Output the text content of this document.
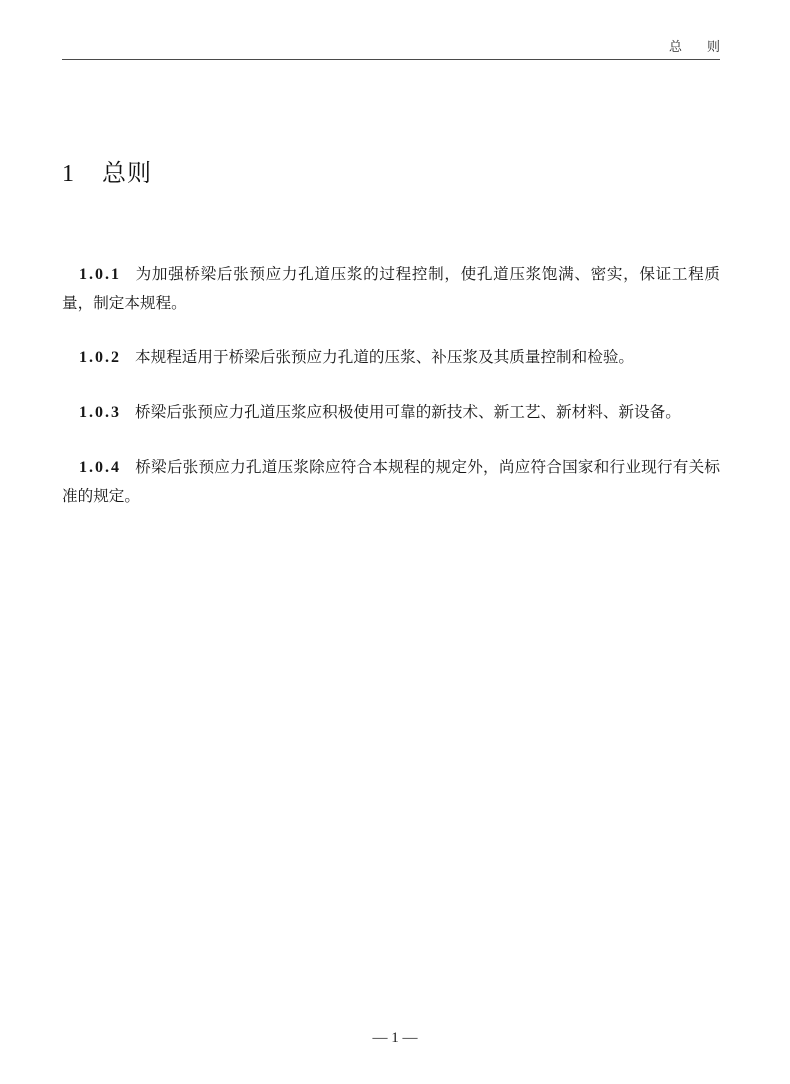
总则
1 总则

1.0.1 为加强桥梁后张预应力孔道压浆的过程控制，使孔道压浆饱满、密实，保证工程质量，制定本规程。

1.0.2 本规程适用于桥梁后张预应力孔道的压浆、补压浆及其质量控制和检验。

1.0.3 桥梁后张预应力孔道压浆应积极使用可靠的新技术、新工艺、新材料、新设备。

1.0.4 桥梁后张预应力孔道压浆除应符合本规程的规定外，尚应符合国家和行业现行有关标准的规定。

— 1 —
